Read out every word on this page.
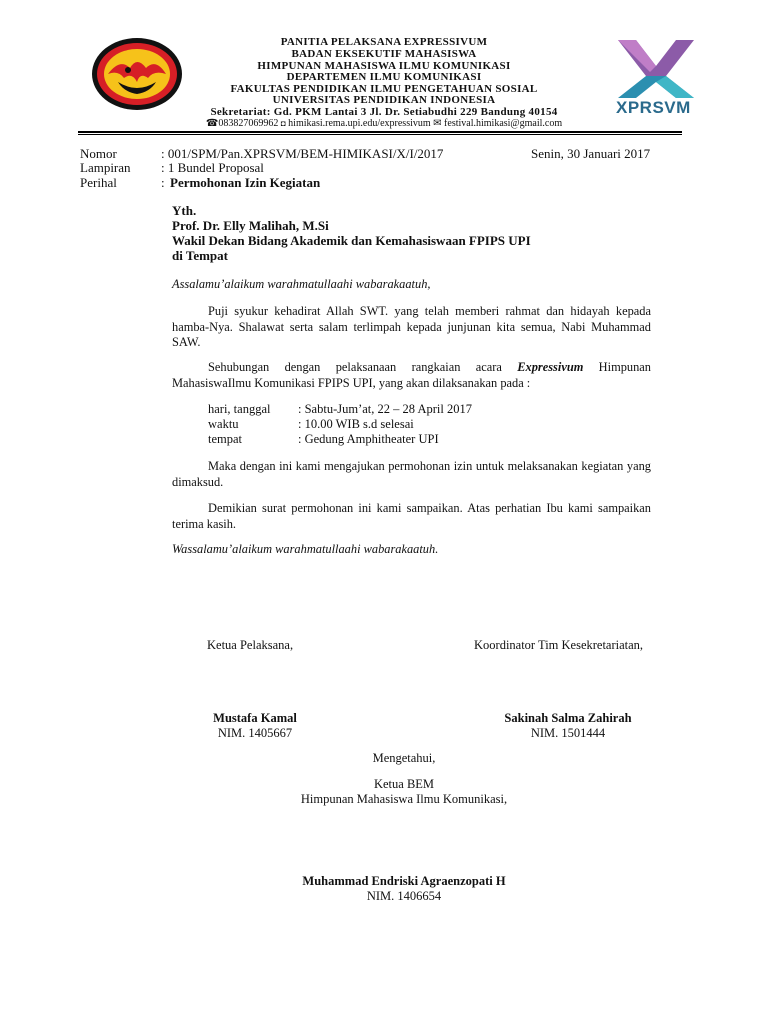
XPRSVM
PANITIA PELAKSANA EXPRESSIVUM
BADAN EKSEKUTIF MAHASISWA
HIMPUNAN MAHASISWA ILMU KOMUNIKASI
DEPARTEMEN ILMU KOMUNIKASI
FAKULTAS PENDIDIKAN ILMU PENGETAHUAN SOSIAL
UNIVERSITAS PENDIDIKAN INDONESIA
Sekretariat: Gd. PKM Lantai 3 Jl. Dr. Setiabudhi 229 Bandung 40154
☎083827069962 ◘ himikasi.rema.upi.edu/expressivum ✉ festival.himikasi@gmail.com
Nomor	: 001/SPM/Pan.XPRSVM/BEM-HIMIKASI/X/I/2017	Senin, 30 Januari 2017
Lampiran : 1 Bundel Proposal
Perihal	: Permohonan Izin Kegiatan
Yth.
Prof. Dr. Elly Malihah, M.Si
Wakil Dekan Bidang Akademik dan Kemahasiswaan FPIPS UPI
di Tempat
Assalamu’alaikum warahmatullaahi wabarakaatuh,
Puji syukur kehadirat Allah SWT. yang telah memberi rahmat dan hidayah kepada hamba-Nya. Shalawat serta salam terlimpah kepada junjunan kita semua, Nabi Muhammad SAW.
Sehubungan dengan pelaksanaan rangkaian acara Expressivum Himpunan MahasiswaIlmu Komunikasi FPIPS UPI, yang akan dilaksanakan pada :
hari, tanggal : Sabtu-Jum’at, 22 – 28 April 2017
waktu	: 10.00 WIB s.d selesai
tempat	: Gedung Amphitheater UPI
Maka dengan ini kami mengajukan permohonan izin untuk melaksanakan kegiatan yang dimaksud.
Demikian surat permohonan ini kami sampaikan. Atas perhatian Ibu kami sampaikan terima kasih.
Wassalamu’alaikum warahmatullaahi wabarakaatuh.
Ketua Pelaksana,	Koordinator Tim Kesekretariatan,
Mustafa Kamal
NIM. 1405667
Sakinah Salma Zahirah
NIM. 1501444
Mengetahui,
Ketua BEM
Himpunan Mahasiswa Ilmu Komunikasi,
Muhammad Endriski Agraenzopati H
NIM. 1406654
